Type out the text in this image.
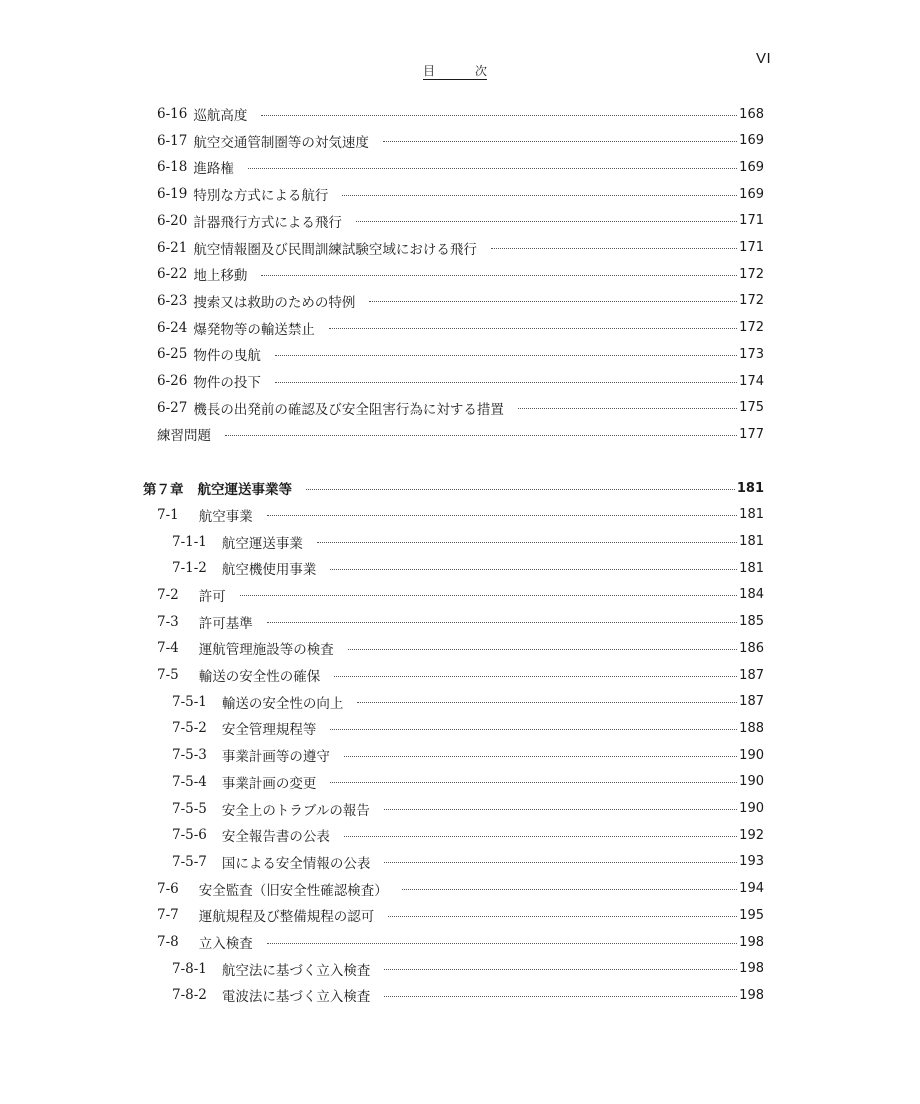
VI
目	次
6-16 巡航高度	168
6-17 航空交通管制圏等の対気速度	169
6-18 進路権	169
6-19 特別な方式による航行	169
6-20 計器飛行方式による飛行	171
6-21 航空情報圏及び民間訓練試験空域における飛行	171
6-22 地上移動	172
6-23 捜索又は救助のための特例	172
6-24 爆発物等の輸送禁止	172
6-25 物件の曳航	173
6-26 物件の投下	174
6-27 機長の出発前の確認及び安全阻害行為に対する措置	175
練習問題	177
第７章 航空運送事業等	181
7-1 航空事業	181
7-1-1 航空運送事業	181
7-1-2 航空機使用事業	181
7-2 許可	184
7-3 許可基準	185
7-4 運航管理施設等の検査	186
7-5 輸送の安全性の確保	187
7-5-1 輸送の安全性の向上	187
7-5-2 安全管理規程等	188
7-5-3 事業計画等の遵守	190
7-5-4 事業計画の変更	190
7-5-5 安全上のトラブルの報告	190
7-5-6 安全報告書の公表	192
7-5-7 国による安全情報の公表	193
7-6 安全監査（旧安全性確認検査）	194
7-7 運航規程及び整備規程の認可	195
7-8 立入検査	198
7-8-1 航空法に基づく立入検査	198
7-8-2 電波法に基づく立入検査	198
